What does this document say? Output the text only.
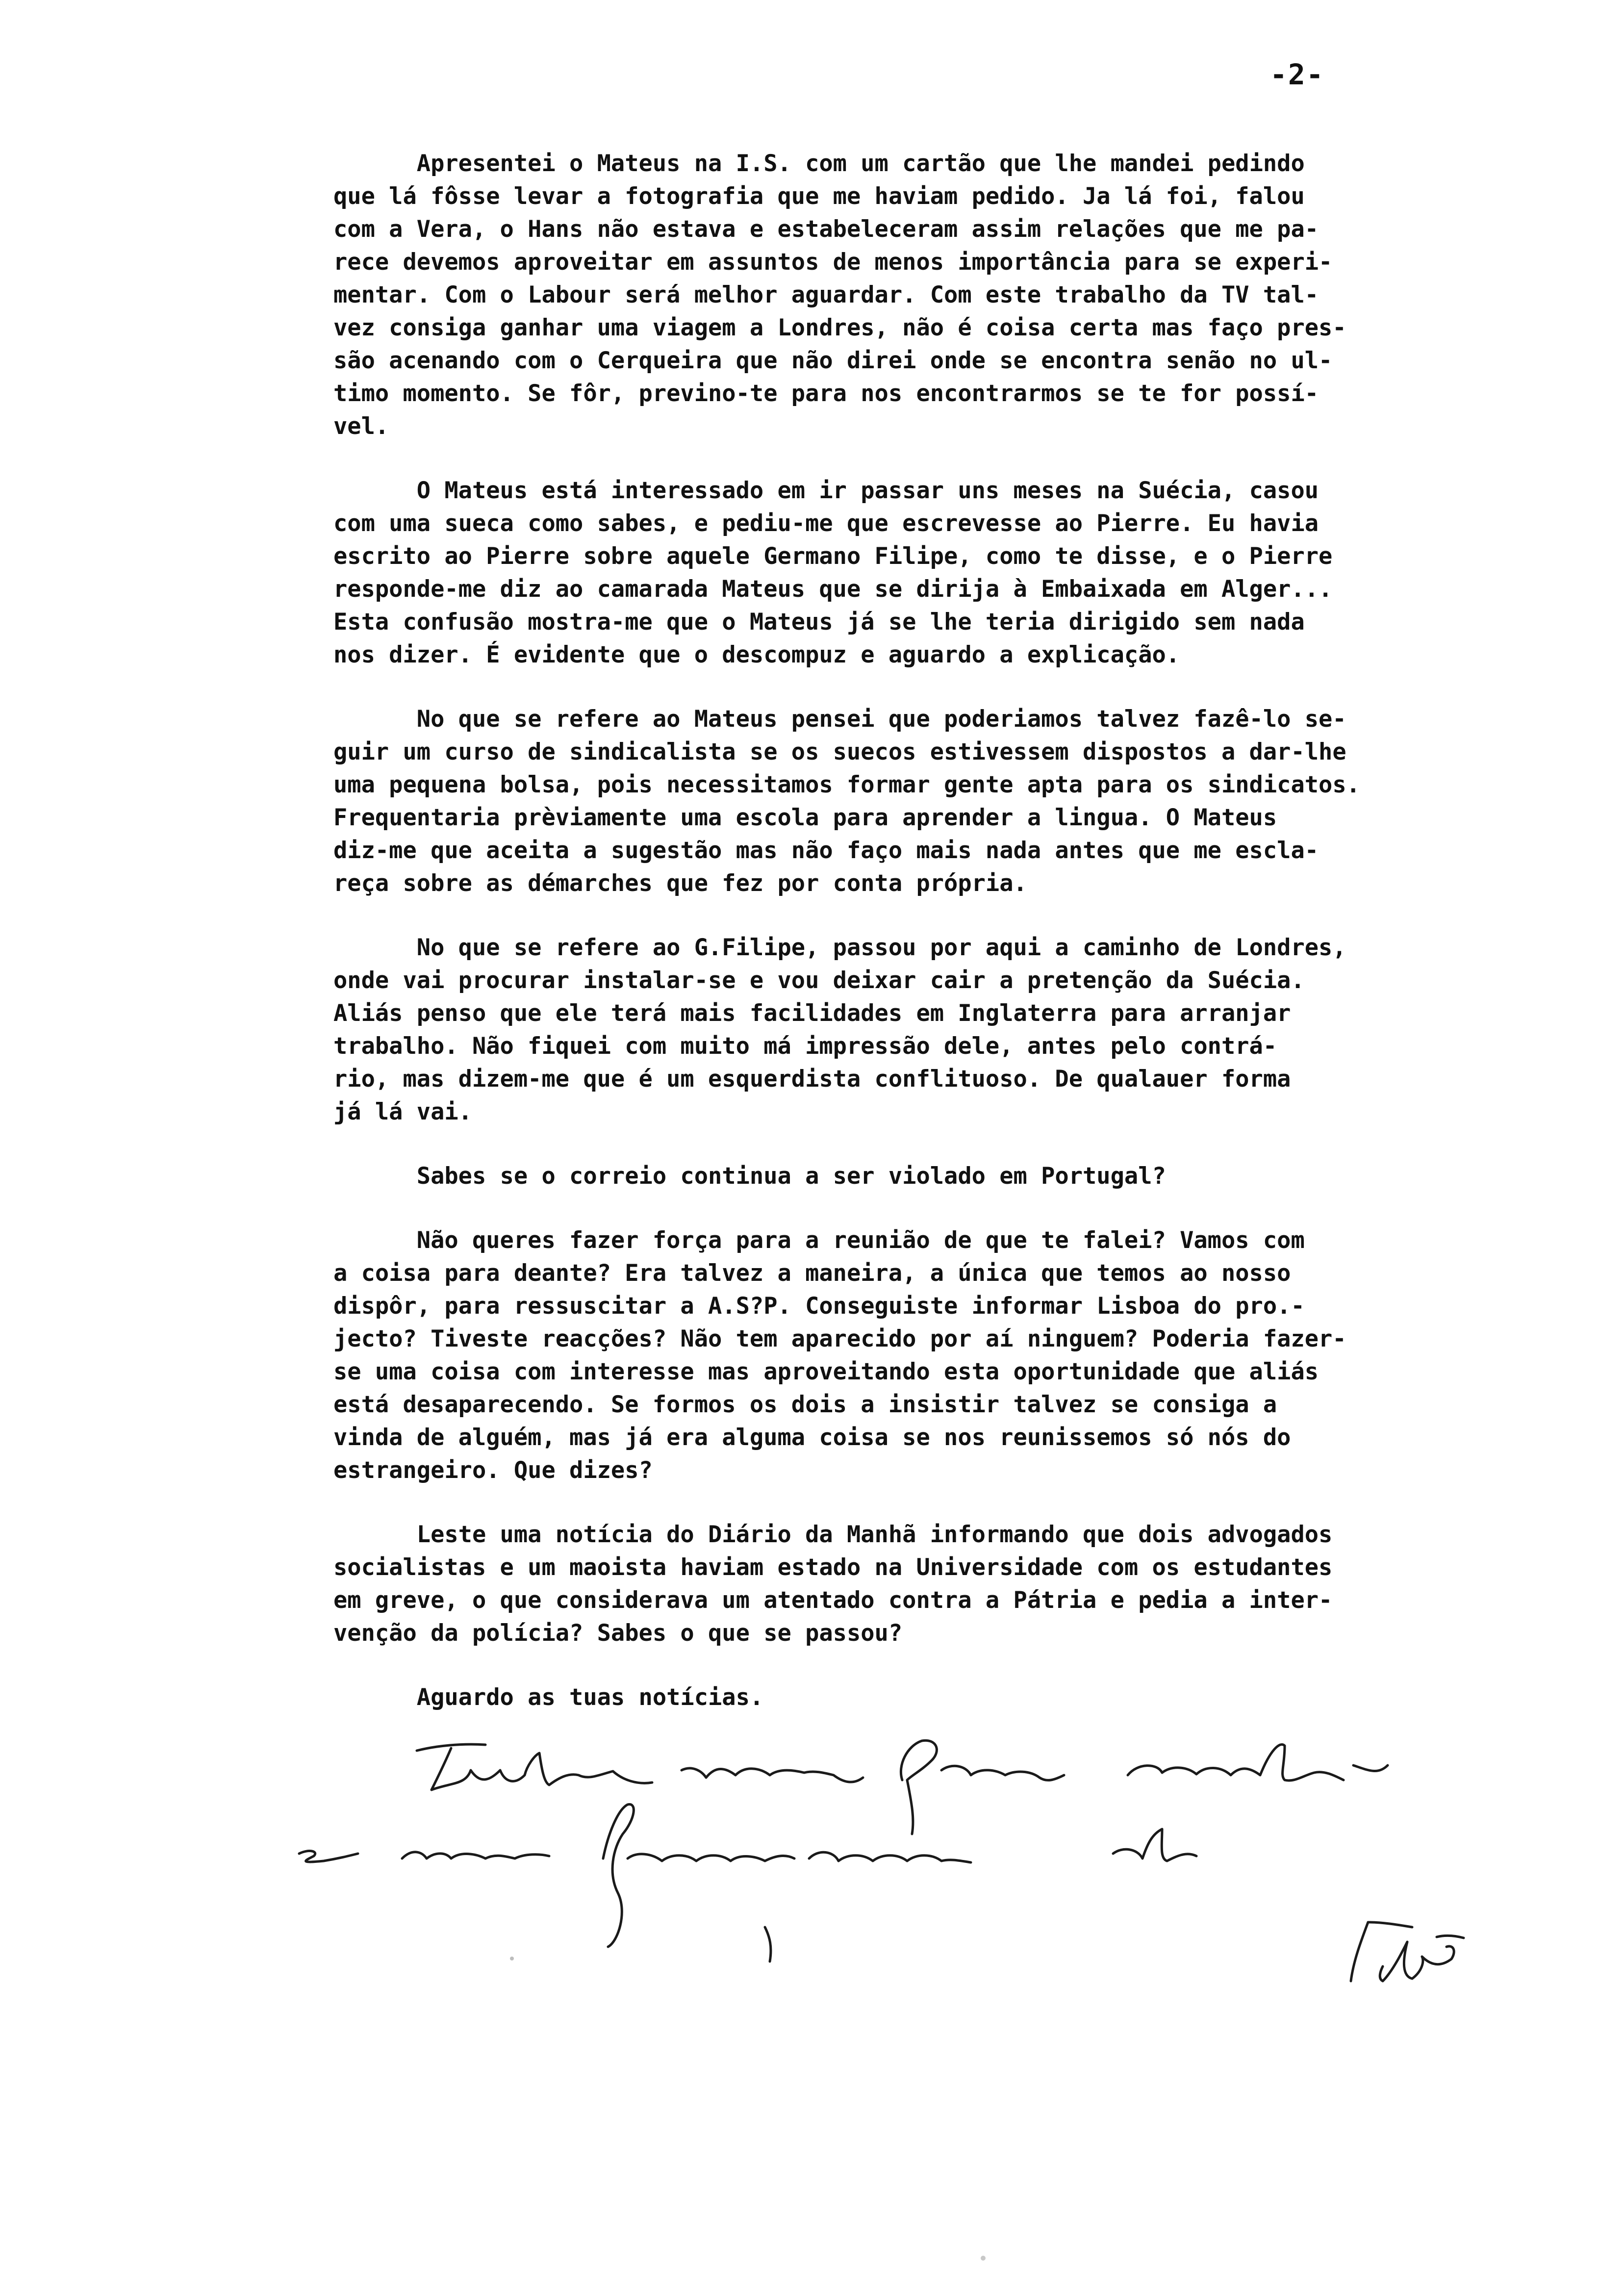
-2-

Apresentei o Mateus na I.S. com um cartão que lhe mandei pedindo
que lá fôsse levar a fotografia que me haviam pedido. Ja lá foi, falou
com a Vera, o Hans não estava e estabeleceram assim relações que me pa-
rece devemos aproveitar em assuntos de menos importância para se experi-
mentar. Com o Labour será melhor aguardar. Com este trabalho da TV tal-
vez consiga ganhar uma viagem a Londres, não é coisa certa mas faço pres-
são acenando com o Cerqueira que não direi onde se encontra senão no ul-
timo momento. Se fôr, previno-te para nos encontrarmos se te for possí-
vel.

O Mateus está interessado em ir passar uns meses na Suécia, casou
com uma sueca como sabes, e pediu-me que escrevesse ao Pierre. Eu havia
escrito ao Pierre sobre aquele Germano Filipe, como te disse, e o Pierre
responde-me diz ao camarada Mateus que se dirija à Embaixada em Alger...
Esta confusão mostra-me que o Mateus já se lhe teria dirigido sem nada
nos dizer. É evidente que o descompuz e aguardo a explicação.

No que se refere ao Mateus pensei que poderiamos talvez fazê-lo se-
guir um curso de sindicalista se os suecos estivessem dispostos a dar-lhe
uma pequena bolsa, pois necessitamos formar gente apta para os sindicatos.
Frequentaria prèviamente uma escola para aprender a lingua. O Mateus
diz-me que aceita a sugestão mas não faço mais nada antes que me escla-
reça sobre as démarches que fez por conta própria.

No que se refere ao G.Filipe, passou por aqui a caminho de Londres,
onde vai procurar instalar-se e vou deixar cair a pretenção da Suécia.
Aliás penso que ele terá mais facilidades em Inglaterra para arranjar
trabalho. Não fiquei com muito má impressão dele, antes pelo contrá-
rio, mas dizem-me que é um esquerdista conflituoso. De qualauer forma
já lá vai.

Sabes se o correio continua a ser violado em Portugal?

Não queres fazer força para a reunião de que te falei? Vamos com
a coisa para deante? Era talvez a maneira, a única que temos ao nosso
dispôr, para ressuscitar a A.S?P. Conseguiste informar Lisboa do pro.-
jecto? Tiveste reacções? Não tem aparecido por aí ninguem? Poderia fazer-
se uma coisa com interesse mas aproveitando esta oportunidade que aliás
está desaparecendo. Se formos os dois a insistir talvez se consiga a
vinda de alguém, mas já era alguma coisa se nos reunissemos só nós do
estrangeiro. Que dizes?

Leste uma notícia do Diário da Manhã informando que dois advogados
socialistas e um maoista haviam estado na Universidade com os estudantes
em greve, o que considerava um atentado contra a Pátria e pedia a inter-
venção da polícia? Sabes o que se passou?

Aguardo as tuas notícias.
